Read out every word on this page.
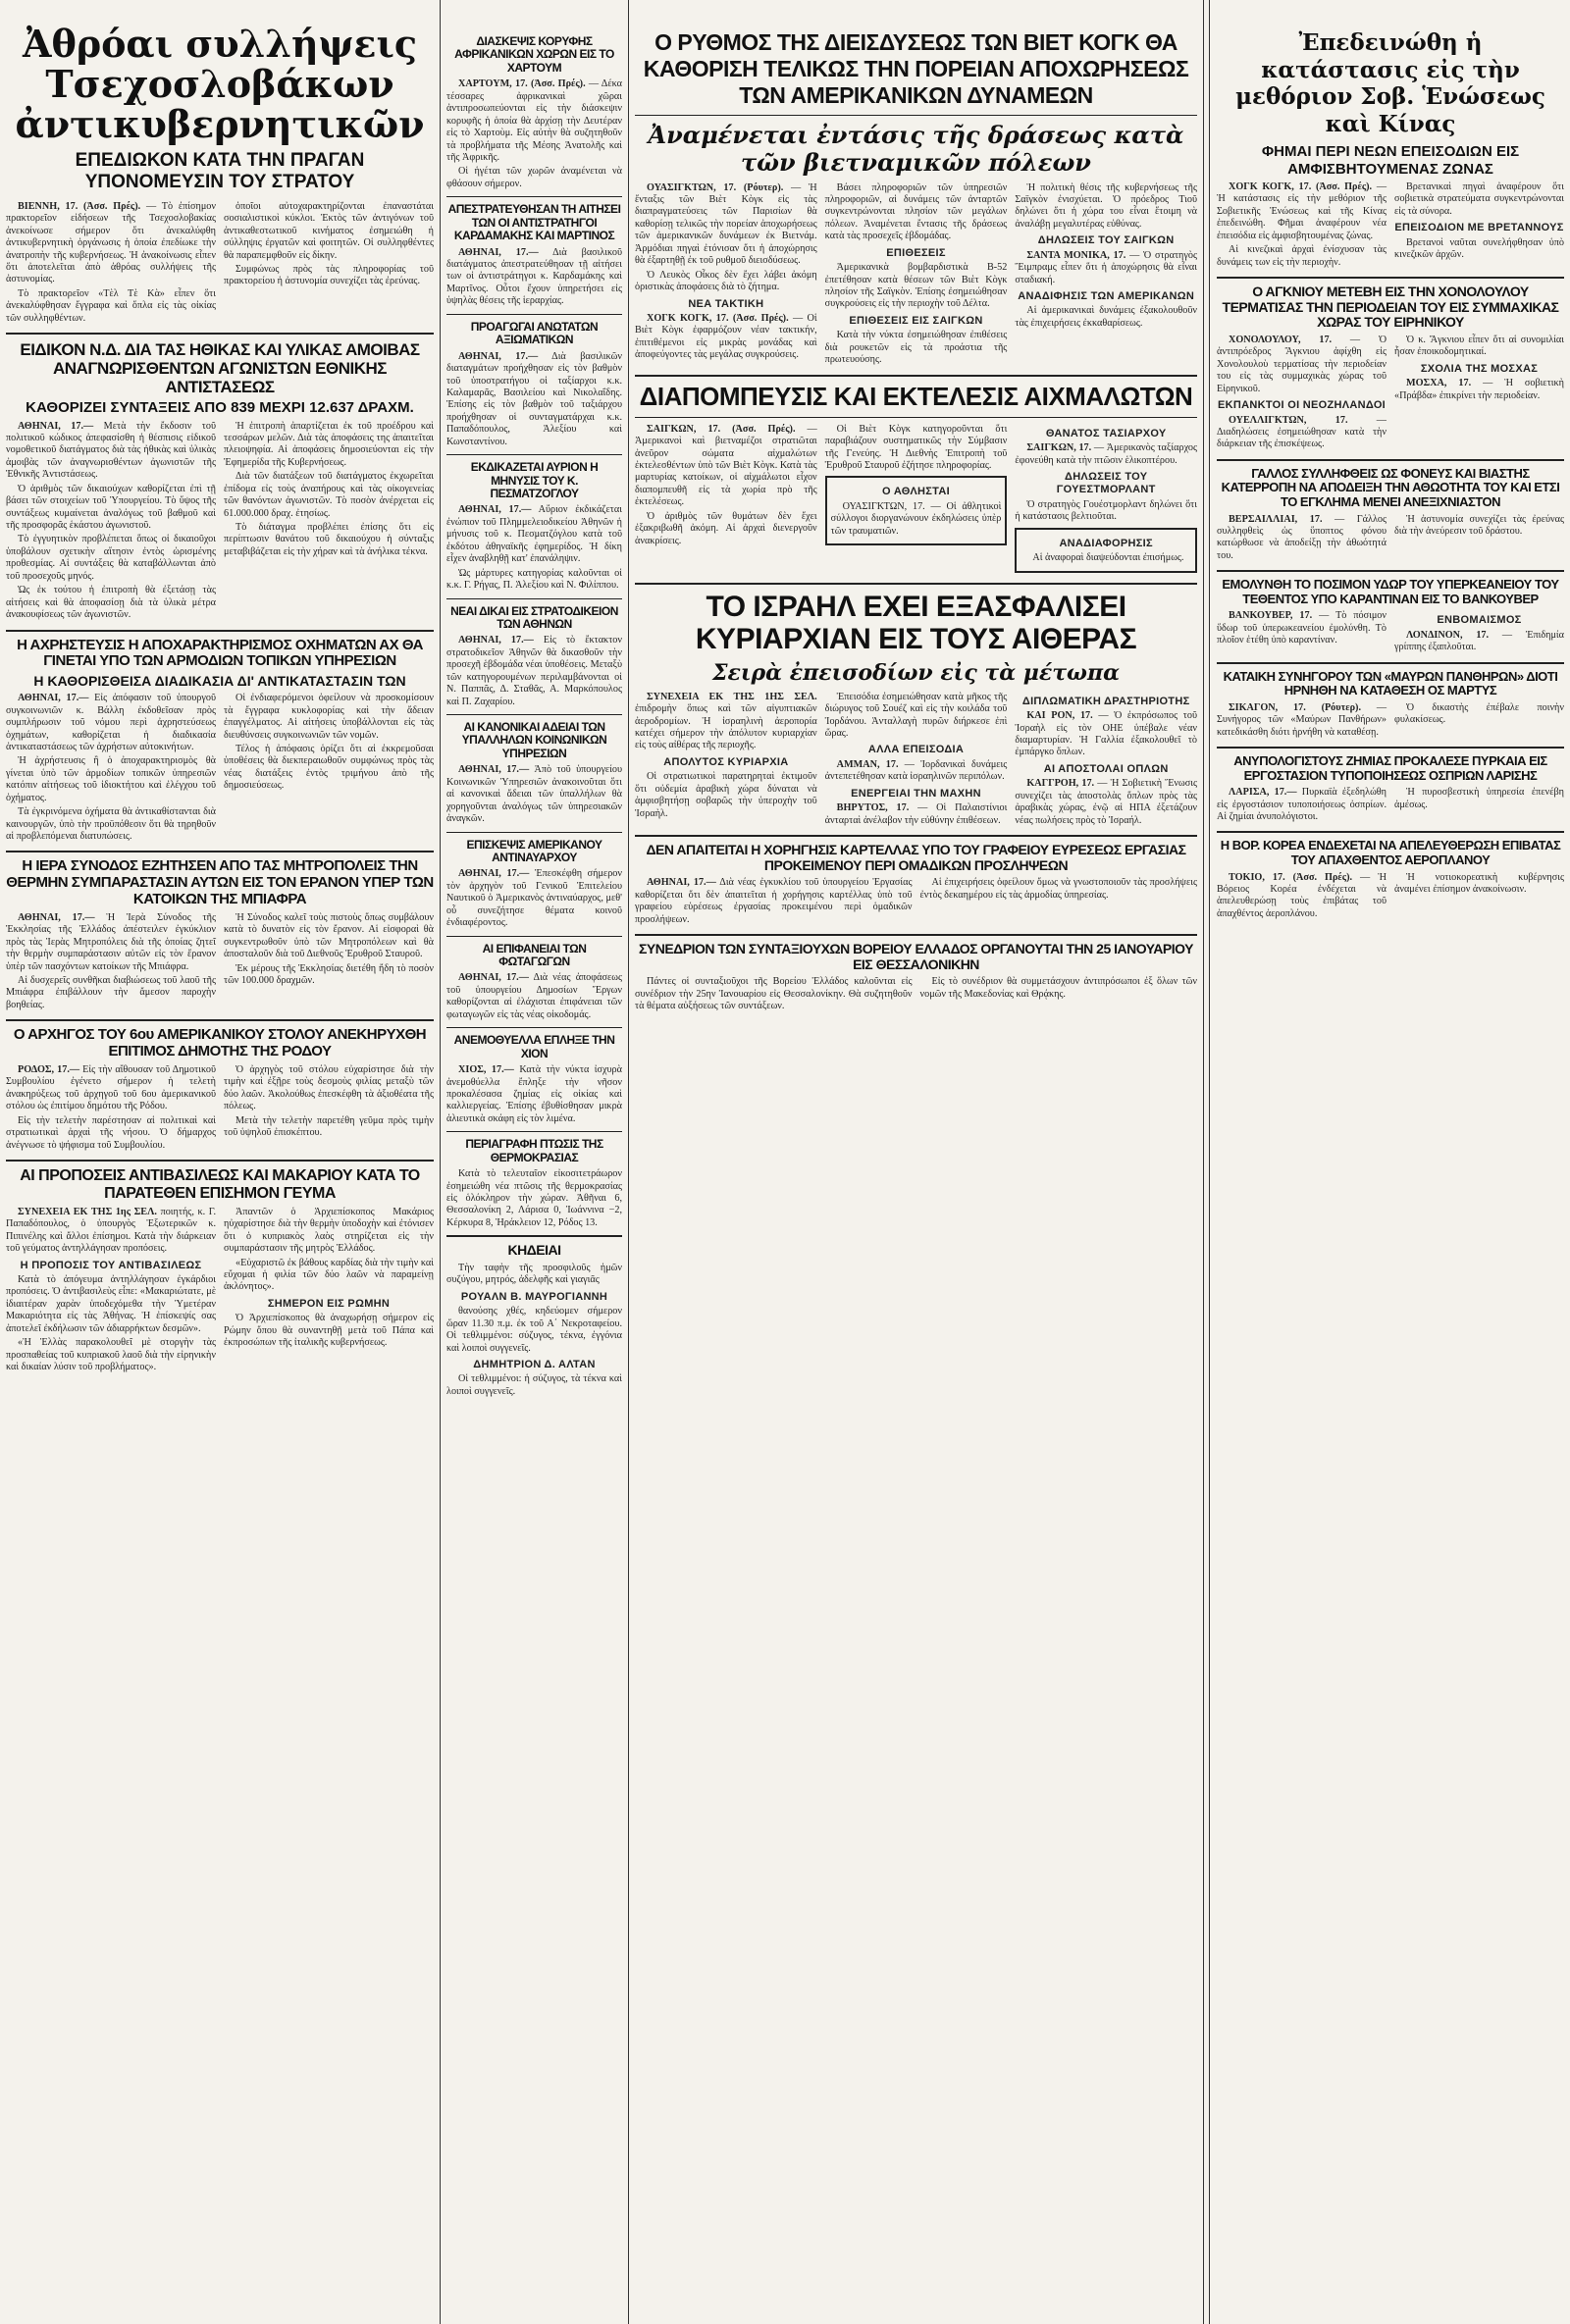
Ἀθρόαι συλλήψεις Τσεχοσλοβάκων ἀντικυβερνητικῶν
ΕΠΕΔΙΩΚΟΝ ΚΑΤΑ ΤΗΝ ΠΡΑΓΑΝ ΥΠΟΝΟΜΕΥΣΙΝ ΤΟΥ ΣΤΡΑΤΟΥ

ΒΙΕΝΝΗ, 17. (Ἀσσ. Πρές). — Τὸ ἐπίσημον πρακτορεῖον εἰδήσεων τῆς Τσεχοσλοβακίας ἀνεκοίνωσε σήμερον ὅτι ἀνεκαλύφθη ἀντικυβερνητικὴ ὀργάνωσις ἡ ὁποία ἐπεδίωκε τὴν ἀνατροπὴν τῆς κυβερνήσεως. Ἡ ἀνακοίνωσις εἶπεν ὅτι ἀποτελεῖται ἀπὸ ἀθρόας συλλήψεις τῆς ἀστυνομίας.

Τὸ πρακτορεῖον «Τὲλ Τὲ Κὰ» εἶπεν ὅτι ἀνεκαλύφθησαν ἔγγραφα καὶ ὅπλα εἰς τὰς οἰκίας τῶν συλληφθέντων.

ὁποῖοι αὐτοχαρακτηρίζονται ἐπαναστάται σοσιαλιστικοὶ κύκλοι. Ἐκτὸς τῶν ἀντιγόνων τοῦ ἀντικαθεστωτικοῦ κινήματος ἐσημειώθη ἡ σύλληψις ἐργατῶν καὶ φοιτητῶν. Οἱ συλληφθέντες θὰ παραπεμφθοῦν εἰς δίκην.

Συμφώνως πρὸς τὰς πληροφορίας τοῦ πρακτορείου ἡ ἀστυνομία συνεχίζει τὰς ἐρεύνας.

ΕΙΔΙΚΟΝ Ν.Δ. ΔΙΑ ΤΑΣ ΗΘΙΚΑΣ ΚΑΙ ΥΛΙΚΑΣ ΑΜΟΙΒΑΣ ΑΝΑΓΝΩΡΙΣΘΕΝΤΩΝ ΑΓΩΝΙΣΤΩΝ ΕΘΝΙΚΗΣ ΑΝΤΙΣΤΑΣΕΩΣ
ΚΑΘΟΡΙΖΕΙ ΣΥΝΤΑΞΕΙΣ ΑΠΟ 839 ΜΕΧΡΙ 12.637 ΔΡΑΧΜ.

ΑΘΗΝΑΙ, 17.— Μετὰ τὴν ἔκδοσιν τοῦ πολιτικοῦ κώδικος ἀπεφασίσθη ἡ θέσπισις εἰδικοῦ νομοθετικοῦ διατάγματος διὰ τὰς ἠθικὰς καὶ ὑλικὰς ἀμοιβὰς τῶν ἀναγνωρισθέντων ἀγωνιστῶν τῆς Ἐθνικῆς Ἀντιστάσεως.

Ὁ ἀριθμὸς τῶν δικαιούχων καθορίζεται ἐπὶ τῇ βάσει τῶν στοιχείων τοῦ Ὑπουργείου. Τὸ ὕψος τῆς συντάξεως κυμαίνεται ἀναλόγως τοῦ βαθμοῦ καὶ τῆς προσφορᾶς ἑκάστου ἀγωνιστοῦ.

Τὸ ἐγγυητικὸν προβλέπεται ὅπως οἱ δικαιοῦχοι ὑποβάλουν σχετικὴν αἴτησιν ἐντὸς ὡρισμένης προθεσμίας. Αἱ συντάξεις θὰ καταβάλλωνται ἀπὸ τοῦ προσεχοῦς μηνός.

Ὡς ἐκ τούτου ἡ ἐπιτροπὴ θὰ ἐξετάσῃ τὰς αἰτήσεις καὶ θὰ ἀποφασίσῃ διὰ τὰ ὑλικὰ μέτρα ἀνακουφίσεως τῶν ἀγωνιστῶν.

Ἡ ἐπιτροπὴ ἀπαρτίζεται ἐκ τοῦ προέδρου καὶ τεσσάρων μελῶν. Διὰ τὰς ἀποφάσεις της ἀπαιτεῖται πλειοψηφία. Αἱ ἀποφάσεις δημοσιεύονται εἰς τὴν Ἐφημερίδα τῆς Κυβερνήσεως.

Διὰ τῶν διατάξεων τοῦ διατάγματος ἐκχωρεῖται ἐπίδομα εἰς τοὺς ἀναπήρους καὶ τὰς οἰκογενείας τῶν θανόντων ἀγωνιστῶν. Τὸ ποσὸν ἀνέρχεται εἰς 61.000.000 δραχ. ἐτησίως.

Τὸ διάταγμα προβλέπει ἐπίσης ὅτι εἰς περίπτωσιν θανάτου τοῦ δικαιούχου ἡ σύνταξις μεταβιβάζεται εἰς τὴν χήραν καὶ τὰ ἀνήλικα τέκνα.

Η ΑΧΡΗΣΤΕΥΣΙΣ Η ΑΠΟΧΑΡΑΚΤΗΡΙΣΜΟΣ ΟΧΗΜΑΤΩΝ ΑΧ ΘΑ ΓΙΝΕΤΑΙ ΥΠΟ ΤΩΝ ΑΡΜΟΔΙΩΝ ΤΟΠΙΚΩΝ ΥΠΗΡΕΣΙΩΝ
Η ΚΑΘΟΡΙΣΘΕΙΣΑ ΔΙΑΔΙΚΑΣΙΑ ΔΙ' ΑΝΤΙΚΑΤΑΣΤΑΣΙΝ ΤΩΝ

ΑΘΗΝΑΙ, 17.— Εἰς ἀπόφασιν τοῦ ὑπουργοῦ συγκοινωνιῶν κ. Βάλλη ἐκδοθεῖσαν πρὸς συμπλήρωσιν τοῦ νόμου περὶ ἀχρηστεύσεως ὀχημάτων, καθορίζεται ἡ διαδικασία ἀντικαταστάσεως τῶν ἀχρήστων αὐτοκινήτων.

Ἡ ἀχρήστευσις ἢ ὁ ἀποχαρακτηρισμὸς θὰ γίνεται ὑπὸ τῶν ἁρμοδίων τοπικῶν ὑπηρεσιῶν κατόπιν αἰτήσεως τοῦ ἰδιοκτήτου καὶ ἐλέγχου τοῦ ὀχήματος.

Τὰ ἐγκρινόμενα ὀχήματα θὰ ἀντικαθίστανται διὰ καινουργῶν, ὑπὸ τὴν προϋπόθεσιν ὅτι θὰ τηρηθοῦν αἱ προβλεπόμεναι διατυπώσεις.

Οἱ ἐνδιαφερόμενοι ὀφείλουν νὰ προσκομίσουν τὰ ἔγγραφα κυκλοφορίας καὶ τὴν ἄδειαν ἐπαγγέλματος. Αἱ αἰτήσεις ὑποβάλλονται εἰς τὰς διευθύνσεις συγκοινωνιῶν τῶν νομῶν.

Τέλος ἡ ἀπόφασις ὁρίζει ὅτι αἱ ἐκκρεμοῦσαι ὑποθέσεις θὰ διεκπεραιωθοῦν συμφώνως πρὸς τὰς νέας διατάξεις ἐντὸς τριμήνου ἀπὸ τῆς δημοσιεύσεως.

Η ΙΕΡΑ ΣΥΝΟΔΟΣ ΕΖΗΤΗΣΕΝ ΑΠΟ ΤΑΣ ΜΗΤΡΟΠΟΛΕΙΣ ΤΗΝ ΘΕΡΜΗΝ ΣΥΜΠΑΡΑΣΤΑΣΙΝ ΑΥΤΩΝ ΕΙΣ ΤΟΝ ΕΡΑΝΟΝ ΥΠΕΡ ΤΩΝ ΚΑΤΟΙΚΩΝ ΤΗΣ ΜΠΙΑΦΡΑ

ΑΘΗΝΑΙ, 17.— Ἡ Ἱερὰ Σύνοδος τῆς Ἐκκλησίας τῆς Ἑλλάδος ἀπέστειλεν ἐγκύκλιον πρὸς τὰς Ἱερὰς Μητροπόλεις διὰ τῆς ὁποίας ζητεῖ τὴν θερμὴν συμπαράστασιν αὐτῶν εἰς τὸν ἔρανον ὑπὲρ τῶν πασχόντων κατοίκων τῆς Μπιάφρα.

Αἱ δυσχερεῖς συνθῆκαι διαβιώσεως τοῦ λαοῦ τῆς Μπιάφρα ἐπιβάλλουν τὴν ἄμεσον παροχὴν βοηθείας.

Ἡ Σύνοδος καλεῖ τοὺς πιστοὺς ὅπως συμβάλουν κατὰ τὸ δυνατὸν εἰς τὸν ἔρανον. Αἱ εἰσφοραὶ θὰ συγκεντρωθοῦν ὑπὸ τῶν Μητροπόλεων καὶ θὰ ἀποσταλοῦν διὰ τοῦ Διεθνοῦς Ἐρυθροῦ Σταυροῦ.

Ἐκ μέρους τῆς Ἐκκλησίας διετέθη ἤδη τὸ ποσὸν τῶν 100.000 δραχμῶν.

Ο ΑΡΧΗΓΟΣ ΤΟΥ 6ου ΑΜΕΡΙΚΑΝΙΚΟΥ ΣΤΟΛΟΥ ΑΝΕΚΗΡΥΧΘΗ ΕΠΙΤΙΜΟΣ ΔΗΜΟΤΗΣ ΤΗΣ ΡΟΔΟΥ

ΡΟΔΟΣ, 17.— Εἰς τὴν αἴθουσαν τοῦ Δημοτικοῦ Συμβουλίου ἐγένετο σήμερον ἡ τελετὴ ἀνακηρύξεως τοῦ ἀρχηγοῦ τοῦ 6ου ἀμερικανικοῦ στόλου ὡς ἐπιτίμου δημότου τῆς Ρόδου.

Εἰς τὴν τελετὴν παρέστησαν αἱ πολιτικαὶ καὶ στρατιωτικαὶ ἀρχαὶ τῆς νήσου. Ὁ δήμαρχος ἀνέγνωσε τὸ ψήφισμα τοῦ Συμβουλίου.

Ὁ ἀρχηγὸς τοῦ στόλου εὐχαρίστησε διὰ τὴν τιμὴν καὶ ἐξῇρε τοὺς δεσμοὺς φιλίας μεταξὺ τῶν δύο λαῶν. Ἀκολούθως ἐπεσκέφθη τὰ ἀξιοθέατα τῆς πόλεως.

Μετὰ τὴν τελετὴν παρετέθη γεῦμα πρὸς τιμὴν τοῦ ὑψηλοῦ ἐπισκέπτου.

ΑΙ ΠΡΟΠΟΣΕΙΣ ΑΝΤΙΒΑΣΙΛΕΩΣ ΚΑΙ ΜΑΚΑΡΙΟΥ ΚΑΤΑ ΤΟ ΠΑΡΑΤΕΘΕΝ ΕΠΙΣΗΜΟΝ ΓΕΥΜΑ

ΣΥΝΕΧΕΙΑ ΕΚ ΤΗΣ 1ης ΣΕΛ. ποιητής, κ. Γ. Παπαδόπουλος, ὁ ὑπουργὸς Ἐξωτερικῶν κ. Πιπινέλης καὶ ἄλλοι ἐπίσημοι. Κατὰ τὴν διάρκειαν τοῦ γεύματος ἀντηλλάγησαν προπόσεις.

Η ΠΡΟΠΟΣΙΣ ΤΟΥ ΑΝΤΙΒΑΣΙΛΕΩΣ

Κατὰ τὸ ἀπόγευμα ἀντηλλάγησαν ἐγκάρδιοι προπόσεις. Ὁ ἀντιβασιλεὺς εἶπε: «Μακαριώτατε, μὲ ἰδιαιτέραν χαρὰν ὑποδεχόμεθα τὴν Ὑμετέραν Μακαριότητα εἰς τὰς Ἀθήνας. Ἡ ἐπίσκεψίς σας ἀποτελεῖ ἐκδήλωσιν τῶν ἀδιαρρήκτων δεσμῶν».

«Ἡ Ἑλλὰς παρακολουθεῖ μὲ στοργὴν τὰς προσπαθείας τοῦ κυπριακοῦ λαοῦ διὰ τὴν εἰρηνικὴν καὶ δικαίαν λύσιν τοῦ προβλήματος».

Ἀπαντῶν ὁ Ἀρχιεπίσκοπος Μακάριος ηὐχαρίστησε διὰ τὴν θερμὴν ὑποδοχὴν καὶ ἐτόνισεν ὅτι ὁ κυπριακὸς λαὸς στηρίζεται εἰς τὴν συμπαράστασιν τῆς μητρὸς Ἑλλάδος.

«Εὐχαριστῶ ἐκ βάθους καρδίας διὰ τὴν τιμὴν καὶ εὔχομαι ἡ φιλία τῶν δύο λαῶν νὰ παραμείνῃ ἀκλόνητος».

ΣΗΜΕΡΟΝ ΕΙΣ ΡΩΜΗΝ

Ὁ Ἀρχιεπίσκοπος θὰ ἀναχωρήσῃ σήμερον εἰς Ρώμην ὅπου θὰ συναντηθῇ μετὰ τοῦ Πάπα καὶ ἐκπροσώπων τῆς ἰταλικῆς κυβερνήσεως.

ΔΙΑΣΚΕΨΙΣ ΚΟΡΥΦΗΣ ΑΦΡΙΚΑΝΙΚΩΝ ΧΩΡΩΝ ΕΙΣ ΤΟ ΧΑΡΤΟΥΜ

ΧΑΡΤΟΥΜ, 17. (Ἀσσ. Πρές). — Δέκα τέσσαρες ἀφρικανικαὶ χῶραι ἀντιπροσωπεύονται εἰς τὴν διάσκεψιν κορυφῆς ἡ ὁποία θὰ ἀρχίσῃ τὴν Δευτέραν εἰς τὸ Χαρτοὺμ. Εἰς αὐτὴν θὰ συζητηθοῦν τὰ προβλήματα τῆς Μέσης Ἀνατολῆς καὶ τῆς Ἀφρικῆς.

Οἱ ἡγέται τῶν χωρῶν ἀναμένεται νὰ φθάσουν σήμερον.

ΑΠΕΣΤΡΑΤΕΥΘΗΣΑΝ ΤΗ ΑΙΤΗΣΕΙ ΤΩΝ ΟΙ ΑΝΤΙΣΤΡΑΤΗΓΟΙ ΚΑΡΔΑΜΑΚΗΣ ΚΑΙ ΜΑΡΤΙΝΟΣ

ΑΘΗΝΑΙ, 17.— Διὰ βασιλικοῦ διατάγματος ἀπεστρατεύθησαν τῇ αἰτήσει των οἱ ἀντιστράτηγοι κ. Καρδαμάκης καὶ Μαρτῖνος. Οὗτοι ἔχουν ὑπηρετήσει εἰς ὑψηλὰς θέσεις τῆς ἱεραρχίας.

ΠΡΟΑΓΩΓΑΙ ΑΝΩΤΑΤΩΝ ΑΞΙΩΜΑΤΙΚΩΝ

ΑΘΗΝΑΙ, 17.— Διὰ βασιλικῶν διαταγμάτων προήχθησαν εἰς τὸν βαθμὸν τοῦ ὑποστρατήγου οἱ ταξίαρχοι κ.κ. Καλαμαρᾶς, Βασιλείου καὶ Νικολαΐδης. Ἐπίσης εἰς τὸν βαθμὸν τοῦ ταξιάρχου προήχθησαν οἱ συνταγματάρχαι κ.κ. Παπαδόπουλος, Ἀλεξίου καὶ Κωνσταντίνου.

ΕΚΔΙΚΑΖΕΤΑΙ ΑΥΡΙΟΝ Η ΜΗΝΥΣΙΣ ΤΟΥ Κ. ΠΕΣΜΑΤΖΟΓΛΟΥ

ΑΘΗΝΑΙ, 17.— Αὔριον ἐκδικάζεται ἐνώπιον τοῦ Πλημμελειοδικείου Ἀθηνῶν ἡ μήνυσις τοῦ κ. Πεσματζόγλου κατὰ τοῦ ἐκδότου ἀθηναϊκῆς ἐφημερίδος. Ἡ δίκη εἶχεν ἀναβληθῇ κατ' ἐπανάληψιν.

Ὡς μάρτυρες κατηγορίας καλοῦνται οἱ κ.κ. Γ. Ρήγας, Π. Ἀλεξίου καὶ Ν. Φιλίππου.

ΝΕΑΙ ΔΙΚΑΙ ΕΙΣ ΣΤΡΑΤΟΔΙΚΕΙΟΝ ΤΩΝ ΑΘΗΝΩΝ

ΑΘΗΝΑΙ, 17.— Εἰς τὸ ἔκτακτον στρατοδικεῖον Ἀθηνῶν θὰ δικασθοῦν τὴν προσεχῆ ἑβδομάδα νέαι ὑποθέσεις. Μεταξὺ τῶν κατηγορουμένων περιλαμβάνονται οἱ Ν. Παππᾶς, Δ. Σταθᾶς, Α. Μαρκόπουλος καὶ Π. Ζαχαρίου.

ΑΙ ΚΑΝΟΝΙΚΑΙ ΑΔΕΙΑΙ ΤΩΝ ΥΠΑΛΛΗΛΩΝ ΚΟΙΝΩΝΙΚΩΝ ΥΠΗΡΕΣΙΩΝ

ΑΘΗΝΑΙ, 17.— Ἀπὸ τοῦ ὑπουργείου Κοινωνικῶν Ὑπηρεσιῶν ἀνακοινοῦται ὅτι αἱ κανονικαὶ ἄδειαι τῶν ὑπαλλήλων θὰ χορηγοῦνται ἀναλόγως τῶν ὑπηρεσιακῶν ἀναγκῶν.

ΕΠΙΣΚΕΨΙΣ ΑΜΕΡΙΚΑΝΟΥ ΑΝΤΙΝΑΥΑΡΧΟΥ

ΑΘΗΝΑΙ, 17.— Ἐπεσκέφθη σήμερον τὸν ἀρχηγὸν τοῦ Γενικοῦ Ἐπιτελείου Ναυτικοῦ ὁ Ἀμερικανὸς ἀντιναύαρχος, μεθ' οὗ συνεζήτησε θέματα κοινοῦ ἐνδιαφέροντος.

ΑΙ ΕΠΙΦΑΝΕΙΑΙ ΤΩΝ ΦΩΤΑΓΩΓΩΝ

ΑΘΗΝΑΙ, 17.— Διὰ νέας ἀποφάσεως τοῦ ὑπουργείου Δημοσίων Ἔργων καθορίζονται αἱ ἐλάχισται ἐπιφάνειαι τῶν φωταγωγῶν εἰς τὰς νέας οἰκοδομάς.

ΑΝΕΜΟΘΥΕΛΛΑ ΕΠΛΗΞΕ ΤΗΝ ΧΙΟΝ

ΧΙΟΣ, 17.— Κατὰ τὴν νύκτα ἰσχυρὰ ἀνεμοθύελλα ἔπληξε τὴν νῆσον προκαλέσασα ζημίας εἰς οἰκίας καὶ καλλιεργείας. Ἐπίσης ἐβυθίσθησαν μικρὰ ἁλιευτικὰ σκάφη εἰς τὸν λιμένα.

ΠΕΡΙΑΓΡΑΦΗ ΠΤΩΣΙΣ ΤΗΣ ΘΕΡΜΟΚΡΑΣΙΑΣ

Κατὰ τὸ τελευταῖον εἰκοσιτετράωρον ἐσημειώθη νέα πτῶσις τῆς θερμοκρασίας εἰς ὁλόκληρον τὴν χώραν. Ἀθῆναι 6, Θεσσαλονίκη 2, Λάρισα 0, Ἰωάννινα −2, Κέρκυρα 8, Ἡράκλειον 12, Ρόδος 13.

ΚΗΔΕΙΑΙ

Τὴν ταφὴν τῆς προσφιλοῦς ἡμῶν συζύγου, μητρός, ἀδελφῆς καὶ γιαγιᾶς

ΡΟΥΑΛΝ Β. ΜΑΥΡΟΓΙΑΝΝΗ

θανούσης χθές, κηδεύομεν σήμερον ὥραν 11.30 π.μ. ἐκ τοῦ Α΄ Νεκροταφείου. Οἱ τεθλιμμένοι: σύζυγος, τέκνα, ἐγγόνια καὶ λοιποὶ συγγενεῖς.

ΔΗΜΗΤΡΙΟΝ Δ. ΑΛΤΑΝ

Οἱ τεθλιμμένοι: ἡ σύζυγος, τὰ τέκνα καὶ λοιποὶ συγγενεῖς.

Ο ΡΥΘΜΟΣ ΤΗΣ ΔΙΕΙΣΔΥΣΕΩΣ ΤΩΝ ΒΙΕΤ ΚΟΓΚ ΘΑ ΚΑΘΟΡΙΣΗ ΤΕΛΙΚΩΣ ΤΗΝ ΠΟΡΕΙΑΝ ΑΠΟΧΩΡΗΣΕΩΣ ΤΩΝ ΑΜΕΡΙΚΑΝΙΚΩΝ ΔΥΝΑΜΕΩΝ
Ἀναμένεται ἐντάσις τῆς δράσεως κατὰ τῶν βιετναμικῶν πόλεων

ΟΥΑΣΙΓΚΤΩΝ, 17. (Ρόυτερ). — Ἡ ἔνταξις τῶν Βιὲτ Κὸγκ εἰς τὰς διαπραγματεύσεις τῶν Παρισίων θὰ καθορίσῃ τελικῶς τὴν πορείαν ἀποχωρήσεως τῶν ἀμερικανικῶν δυνάμεων ἐκ Βιετνάμ. Ἀρμόδιαι πηγαὶ ἐτόνισαν ὅτι ἡ ἀποχώρησις θὰ ἐξαρτηθῇ ἐκ τοῦ ρυθμοῦ διεισδύσεως.

Ὁ Λευκὸς Οἶκος δὲν ἔχει λάβει ἀκόμη ὁριστικὰς ἀποφάσεις διὰ τὸ ζήτημα.

ΝΕΑ ΤΑΚΤΙΚΗ

ΧΟΓΚ ΚΟΓΚ, 17. (Ἀσσ. Πρές). — Οἱ Βιὲτ Κὸγκ ἐφαρμόζουν νέαν τακτικήν, ἐπιτιθέμενοι εἰς μικρὰς μονάδας καὶ ἀποφεύγοντες τὰς μεγάλας συγκρούσεις.

Βάσει πληροφοριῶν τῶν ὑπηρεσιῶν πληροφοριῶν, αἱ δυνάμεις τῶν ἀνταρτῶν συγκεντρώνονται πλησίον τῶν μεγάλων πόλεων. Ἀναμένεται ἔντασις τῆς δράσεως κατὰ τὰς προσεχεῖς ἑβδομάδας.

ΕΠΙΘΕΣΕΙΣ

Ἀμερικανικὰ βομβαρδιστικὰ Β-52 ἐπετέθησαν κατὰ θέσεων τῶν Βιὲτ Κὸγκ πλησίον τῆς Σαϊγκὸν. Ἐπίσης ἐσημειώθησαν συγκρούσεις εἰς τὴν περιοχὴν τοῦ Δέλτα.

ΕΠΙΘΕΣΕΙΣ ΕΙΣ ΣΑΙΓΚΩΝ

Κατὰ τὴν νύκτα ἐσημειώθησαν ἐπιθέσεις διὰ ρουκετῶν εἰς τὰ προάστια τῆς πρωτευούσης.

Ἡ πολιτικὴ θέσις τῆς κυβερνήσεως τῆς Σαϊγκὸν ἐνισχύεται. Ὁ πρόεδρος Τιοῦ δηλώνει ὅτι ἡ χώρα του εἶναι ἕτοιμη νὰ ἀναλάβῃ μεγαλυτέρας εὐθύνας.

ΔΗΛΩΣΕΙΣ ΤΟΥ ΣΑΙΓΚΩΝ

ΣΑΝΤΑ ΜΟΝΙΚΑ, 17. — Ὁ στρατηγὸς Ἔιμπραμς εἶπεν ὅτι ἡ ἀποχώρησις θὰ εἶναι σταδιακή.

ΑΝΑΔΙΦΗΣΙΣ ΤΩΝ ΑΜΕΡΙΚΑΝΩΝ

Αἱ ἀμερικανικαὶ δυνάμεις ἐξακολουθοῦν τὰς ἐπιχειρήσεις ἐκκαθαρίσεως.

ΔΙΑΠΟΜΠΕΥΣΙΣ ΚΑΙ ΕΚΤΕΛΕΣΙΣ ΑΙΧΜΑΛΩΤΩΝ

ΣΑΙΓΚΩΝ, 17. (Ἀσσ. Πρές). — Ἀμερικανοὶ καὶ βιετναμέζοι στρατιῶται ἀνεῦρον σώματα αἰχμαλώτων ἐκτελεσθέντων ὑπὸ τῶν Βιὲτ Κὸγκ. Κατὰ τὰς μαρτυρίας κατοίκων, οἱ αἰχμάλωτοι εἶχον διαπομπευθῆ εἰς τὰ χωρία πρὸ τῆς ἐκτελέσεως.

Ὁ ἀριθμὸς τῶν θυμάτων δὲν ἔχει ἐξακριβωθῆ ἀκόμη. Αἱ ἀρχαὶ διενεργοῦν ἀνακρίσεις.

Οἱ Βιὲτ Κὸγκ κατηγοροῦνται ὅτι παραβιάζουν συστηματικῶς τὴν Σύμβασιν τῆς Γενεύης. Ἡ Διεθνὴς Ἐπιτροπὴ τοῦ Ἐρυθροῦ Σταυροῦ ἐζήτησε πληροφορίας.

Ο ΑΘΛΗΣΤΑΙ

ΟΥΑΣΙΓΚΤΩΝ, 17. — Οἱ ἀθλητικοὶ σύλλογοι διοργανώνουν ἐκδηλώσεις ὑπὲρ τῶν τραυματιῶν.

ΘΑΝΑΤΟΣ ΤΑΣΙΑΡΧΟΥ

ΣΑΙΓΚΩΝ, 17. — Ἀμερικανὸς ταξίαρχος ἐφονεύθη κατὰ τὴν πτῶσιν ἑλικοπτέρου.

ΔΗΛΩΣΕΙΣ ΤΟΥ ΓΟΥΕΣΤΜΟΡΛΑΝΤ

Ὁ στρατηγὸς Γουέστμορλαντ δηλώνει ὅτι ἡ κατάστασις βελτιοῦται.

ΑΝΑΔΙΑΦΟΡΗΣΙΣ

Αἱ ἀναφοραὶ διαψεύδονται ἐπισήμως.

ΤΟ ΙΣΡΑΗΛ ΕΧΕΙ ΕΞΑΣΦΑΛΙΣΕΙ ΚΥΡΙΑΡΧΙΑΝ ΕΙΣ ΤΟΥΣ ΑΙΘΕΡΑΣ
Σειρὰ ἐπεισοδίων εἰς τὰ μέτωπα

ΣΥΝΕΧΕΙΑ ΕΚ ΤΗΣ 1ΗΣ ΣΕΛ. ἐπιδρομὴν ὅπως καὶ τῶν αἰγυπτιακῶν ἀεροδρομίων. Ἡ ἰσραηλινὴ ἀεροπορία κατέχει σήμερον τὴν ἀπόλυτον κυριαρχίαν εἰς τοὺς αἰθέρας τῆς περιοχῆς.

ΑΠΟΛΥΤΟΣ ΚΥΡΙΑΡΧΙΑ

Οἱ στρατιωτικοὶ παρατηρηταὶ ἐκτιμοῦν ὅτι οὐδεμία ἀραβικὴ χώρα δύναται νὰ ἀμφισβητήσῃ σοβαρῶς τὴν ὑπεροχὴν τοῦ Ἰσραὴλ.

Ἐπεισόδια ἐσημειώθησαν κατὰ μῆκος τῆς διώρυγος τοῦ Σουέζ καὶ εἰς τὴν κοιλάδα τοῦ Ἰορδάνου. Ἀνταλλαγὴ πυρῶν διήρκεσε ἐπὶ ὥρας.

ΑΛΛΑ ΕΠΕΙΣΟΔΙΑ

ΑΜΜΑΝ, 17. — Ἰορδανικαὶ δυνάμεις ἀντεπετέθησαν κατὰ ἰσραηλινῶν περιπόλων.

ΕΝΕΡΓΕΙΑΙ ΤΗΝ ΜΑΧΗΝ

ΒΗΡΥΤΟΣ, 17. — Οἱ Παλαιστίνιοι ἀνταρταὶ ἀνέλαβον τὴν εὐθύνην ἐπιθέσεων.

ΔΙΠΛΩΜΑΤΙΚΗ ΔΡΑΣΤΗΡΙΟΤΗΣ

ΚΑΙ ΡΟΝ, 17. — Ὁ ἐκπρόσωπος τοῦ Ἰσραὴλ εἰς τὸν ΟΗΕ ὑπέβαλε νέαν διαμαρτυρίαν. Ἡ Γαλλία ἐξακολουθεῖ τὸ ἐμπάργκο ὅπλων.

ΑΙ ΑΠΟΣΤΟΛΑΙ ΟΠΛΩΝ

ΚΑΓΓΡΟΗ, 17. — Ἡ Σοβιετικὴ Ἕνωσις συνεχίζει τὰς ἀποστολὰς ὅπλων πρὸς τὰς ἀραβικὰς χώρας, ἐνῷ αἱ ΗΠΑ ἐξετάζουν νέας πωλήσεις πρὸς τὸ Ἰσραήλ.

ΔΕΝ ΑΠΑΙΤΕΙΤΑΙ Η ΧΟΡΗΓΗΣΙΣ ΚΑΡΤΕΛΛΑΣ ΥΠΟ ΤΟΥ ΓΡΑΦΕΙΟΥ ΕΥΡΕΣΕΩΣ ΕΡΓΑΣΙΑΣ ΠΡΟΚΕΙΜΕΝΟΥ ΠΕΡΙ ΟΜΑΔΙΚΩΝ ΠΡΟΣΛΗΨΕΩΝ

ΑΘΗΝΑΙ, 17.— Διὰ νέας ἐγκυκλίου τοῦ ὑπουργείου Ἐργασίας καθορίζεται ὅτι δὲν ἀπαιτεῖται ἡ χορήγησις καρτέλλας ὑπὸ τοῦ γραφείου εὑρέσεως ἐργασίας προκειμένου περὶ ὁμαδικῶν προσλήψεων.

Αἱ ἐπιχειρήσεις ὀφείλουν ὅμως νὰ γνωστοποιοῦν τὰς προσλήψεις ἐντὸς δεκαημέρου εἰς τὰς ἁρμοδίας ὑπηρεσίας.

ΣΥΝΕΔΡΙΟΝ ΤΩΝ ΣΥΝΤΑΞΙΟΥΧΩΝ ΒΟΡΕΙΟΥ ΕΛΛΑΔΟΣ ΟΡΓΑΝΟΥΤΑΙ ΤΗΝ 25 ΙΑΝΟΥΑΡΙΟΥ ΕΙΣ ΘΕΣΣΑΛΟΝΙΚΗΝ

Πάντες οἱ συνταξιοῦχοι τῆς Βορείου Ἑλλάδος καλοῦνται εἰς συνέδριον τὴν 25ην Ἰανουαρίου εἰς Θεσσαλονίκην. Θὰ συζητηθοῦν τὰ θέματα αὐξήσεως τῶν συντάξεων.

Εἰς τὸ συνέδριον θὰ συμμετάσχουν ἀντιπρόσωποι ἐξ ὅλων τῶν νομῶν τῆς Μακεδονίας καὶ Θρᾴκης.

Ἐπεδεινώθη ἡ κατάστασις εἰς τὴν μεθόριον Σοβ. Ἑνώσεως καὶ Κίνας
ΦΗΜΑΙ ΠΕΡΙ ΝΕΩΝ ΕΠΕΙΣΟΔΙΩΝ ΕΙΣ ΑΜΦΙΣΒΗΤΟΥΜΕΝΑΣ ΖΩΝΑΣ

ΧΟΓΚ ΚΟΓΚ, 17. (Ἀσσ. Πρές). — Ἡ κατάστασις εἰς τὴν μεθόριον τῆς Σοβιετικῆς Ἑνώσεως καὶ τῆς Κίνας ἐπεδεινώθη. Φῆμαι ἀναφέρουν νέα ἐπεισόδια εἰς ἀμφισβητουμένας ζώνας.

Αἱ κινεζικαὶ ἀρχαὶ ἐνίσχυσαν τὰς δυνάμεις των εἰς τὴν περιοχὴν.

Βρετανικαὶ πηγαὶ ἀναφέρουν ὅτι σοβιετικὰ στρατεύματα συγκεντρώνονται εἰς τὰ σύνορα.

ΕΠΕΙΣΟΔΙΟΝ ΜΕ ΒΡΕΤΑΝΝΟΥΣ

Βρετανοὶ ναῦται συνελήφθησαν ὑπὸ κινεζικῶν ἀρχῶν.

Ο ΑΓΚΝΙΟΥ ΜΕΤΕΒΗ ΕΙΣ ΤΗΝ ΧΟΝΟΛΟΥΛΟΥ ΤΕΡΜΑΤΙΣΑΣ ΤΗΝ ΠΕΡΙΟΔΕΙΑΝ ΤΟΥ ΕΙΣ ΣΥΜΜΑΧΙΚΑΣ ΧΩΡΑΣ ΤΟΥ ΕΙΡΗΝΙΚΟΥ

ΧΟΝΟΛΟΥΛΟΥ, 17. — Ὁ ἀντιπρόεδρος Ἄγκνιου ἀφίχθη εἰς Χονολουλοὺ τερματίσας τὴν περιοδείαν του εἰς τὰς συμμαχικὰς χώρας τοῦ Εἰρηνικοῦ.

ΕΚΠΑΝΚΤΟΙ ΟΙ ΝΕΟΖΗΛΑΝΔΟΙ

ΟΥΕΛΛΙΓΚΤΩΝ, 17. — Διαδηλώσεις ἐσημειώθησαν κατὰ τὴν διάρκειαν τῆς ἐπισκέψεως.

Ὁ κ. Ἄγκνιου εἶπεν ὅτι αἱ συνομιλίαι ἦσαν ἐποικοδομητικαί.

ΣΧΟΛΙΑ ΤΗΣ ΜΟΣΧΑΣ

ΜΟΣΧΑ, 17. — Ἡ σοβιετικὴ «Πράβδα» ἐπικρίνει τὴν περιοδείαν.

ΓΑΛΛΟΣ ΣΥΛΛΗΦΘΕΙΣ ΩΣ ΦΟΝΕΥΣ ΚΑΙ ΒΙΑΣΤΗΣ ΚΑΤΕΡΡΟΠΗ ΝΑ ΑΠΟΔΕΙΞΗ ΤΗΝ ΑΘΩΟΤΗΤΑ ΤΟΥ ΚΑΙ ΕΤΣΙ ΤΟ ΕΓΚΛΗΜΑ ΜΕΝΕΙ ΑΝΕΞΙΧΝΙΑΣΤΟΝ

ΒΕΡΣΑΙΛΛΙΑΙ, 17. — Γάλλος συλληφθεὶς ὡς ὕποπτος φόνου κατώρθωσε νὰ ἀποδείξῃ τὴν ἀθωότητά του.

Ἡ ἀστυνομία συνεχίζει τὰς ἐρεύνας διὰ τὴν ἀνεύρεσιν τοῦ δράστου.

ΕΜΟΛΥΝΘΗ ΤΟ ΠΟΣΙΜΟΝ ΥΔΩΡ ΤΟΥ ΥΠΕΡΚΕΑΝΕΙΟΥ ΤΟΥ ΤΕΘΕΝΤΟΣ ΥΠΟ ΚΑΡΑΝΤΙΝΑΝ ΕΙΣ ΤΟ ΒΑΝΚΟΥΒΕΡ

ΒΑΝΚΟΥΒΕΡ, 17. — Τὸ πόσιμον ὕδωρ τοῦ ὑπερωκεανείου ἐμολύνθη. Τὸ πλοῖον ἐτέθη ὑπὸ καραντίναν.

ΕΝΒΟΜΑΙΣΜΟΣ

ΛΟΝΔΙΝΟΝ, 17. — Ἐπιδημία γρίππης ἐξαπλοῦται.

ΚΑΤΑΙΚΗ ΣΥΝΗΓΟΡΟΥ ΤΩΝ «ΜΑΥΡΩΝ ΠΑΝΘΗΡΩΝ» ΔΙΟΤΙ ΗΡΝΗΘΗ ΝΑ ΚΑΤΑΘΕΣΗ ΟΣ ΜΑΡΤΥΣ

ΣΙΚΑΓΟΝ, 17. (Ρόυτερ). — Συνήγορος τῶν «Μαύρων Πανθήρων» κατεδικάσθη διότι ἠρνήθη νὰ καταθέσῃ.

Ὁ δικαστὴς ἐπέβαλε ποινὴν φυλακίσεως.

ΑΝΥΠΟΛΟΓΙΣΤΟΥΣ ΖΗΜΙΑΣ ΠΡΟΚΑΛΕΣΕ ΠΥΡΚΑΙΑ ΕΙΣ ΕΡΓΟΣΤΑΣΙΟΝ ΤΥΠΟΠΟΙΗΣΕΩΣ ΟΣΠΡΙΩΝ ΛΑΡΙΣΗΣ

ΛΑΡΙΣΑ, 17.— Πυρκαϊὰ ἐξεδηλώθη εἰς ἐργοστάσιον τυποποιήσεως ὀσπρίων. Αἱ ζημίαι ἀνυπολόγιστοι.

Ἡ πυροσβεστικὴ ὑπηρεσία ἐπενέβη ἀμέσως.

Η ΒΟΡ. ΚΟΡΕΑ ΕΝΔΕΧΕΤΑΙ ΝΑ ΑΠΕΛΕΥΘΕΡΩΣΗ ΕΠΙΒΑΤΑΣ ΤΟΥ ΑΠΑΧΘΕΝΤΟΣ ΑΕΡΟΠΛΑΝΟΥ

ΤΟΚΙΟ, 17. (Ἀσσ. Πρές). — Ἡ Βόρειος Κορέα ἐνδέχεται νὰ ἀπελευθερώσῃ τοὺς ἐπιβάτας τοῦ ἀπαχθέντος ἀεροπλάνου.

Ἡ νοτιοκορεατικὴ κυβέρνησις ἀναμένει ἐπίσημον ἀνακοίνωσιν.
